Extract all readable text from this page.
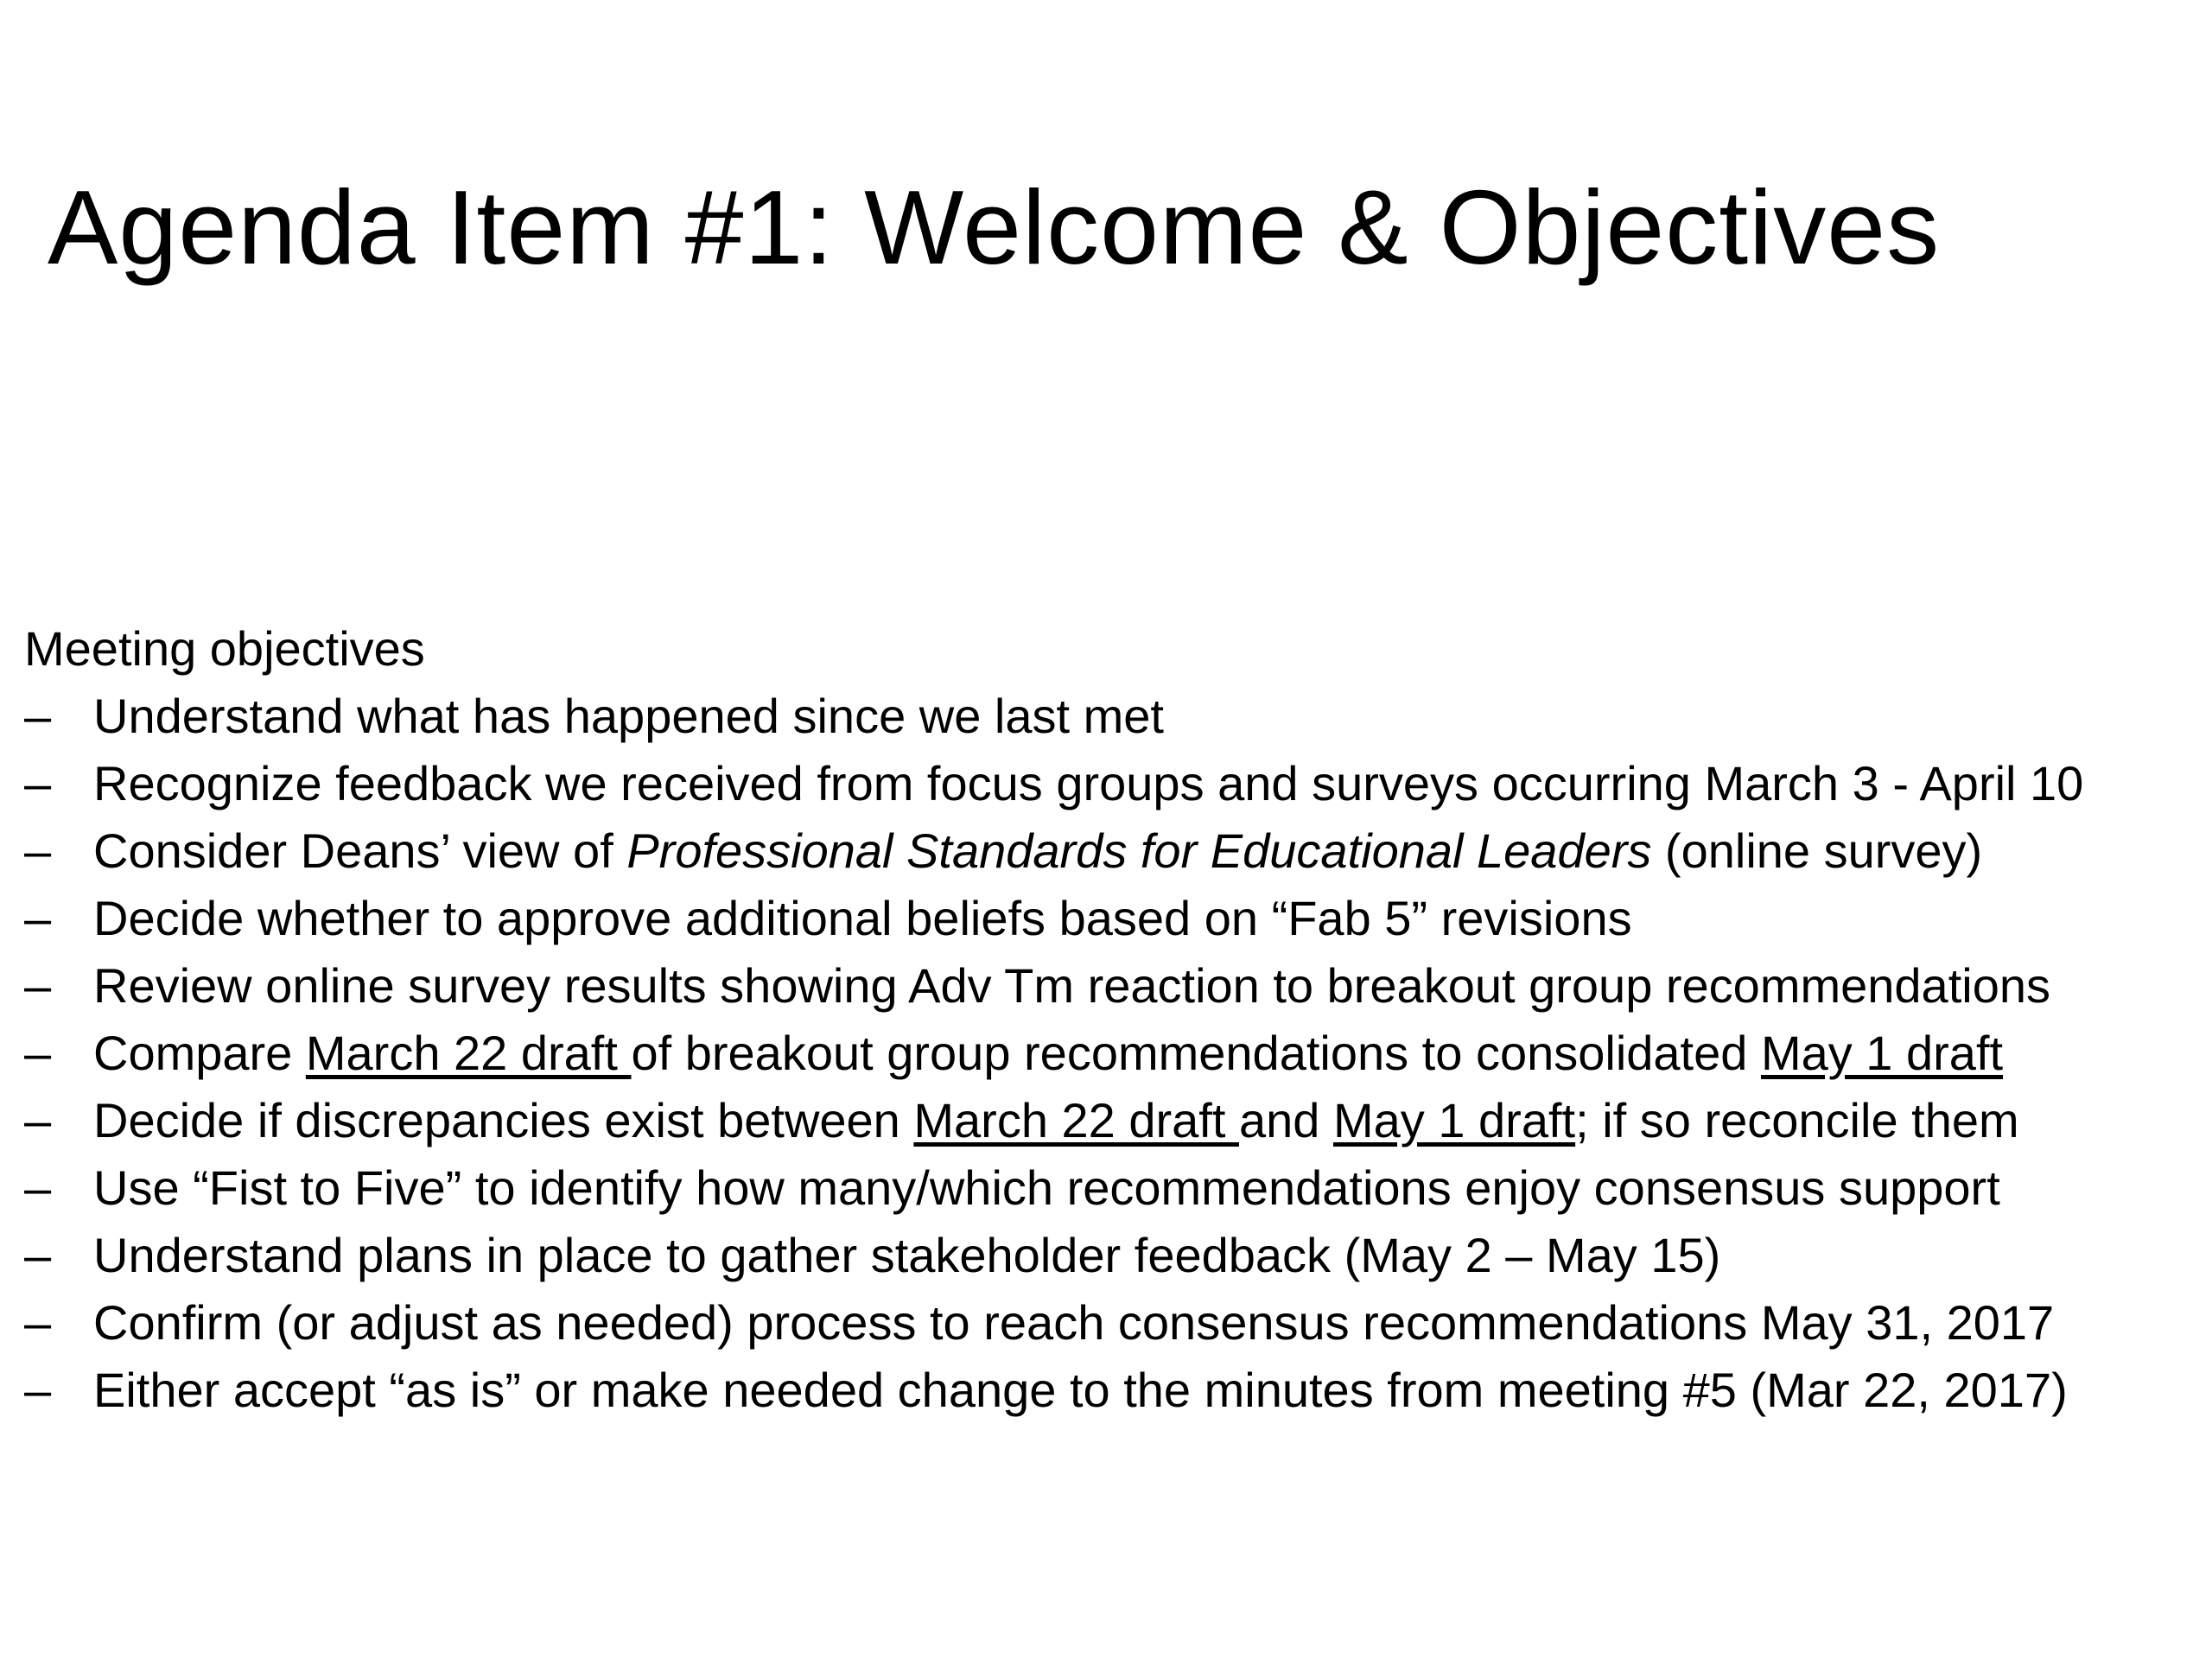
Agenda Item #1: Welcome & Objectives
Meeting objectives
– Understand what has happened since we last met
– Recognize feedback we received from focus groups and surveys occurring March 3 - April 10
– Consider Deans’ view of Professional Standards for Educational Leaders (online survey)
– Decide whether to approve additional beliefs based on “Fab 5” revisions
– Review online survey results showing Adv Tm reaction to breakout group recommendations
– Compare March 22 draft of breakout group recommendations to consolidated May 1 draft
– Decide if discrepancies exist between March 22 draft and May 1 draft; if so reconcile them
– Use “Fist to Five” to identify how many/which recommendations enjoy consensus support
– Understand plans in place to gather stakeholder feedback (May 2 – May 15)
– Confirm (or adjust as needed) process to reach consensus recommendations May 31, 2017
– Either accept “as is” or make needed change to the minutes from meeting #5 (Mar 22, 2017)
